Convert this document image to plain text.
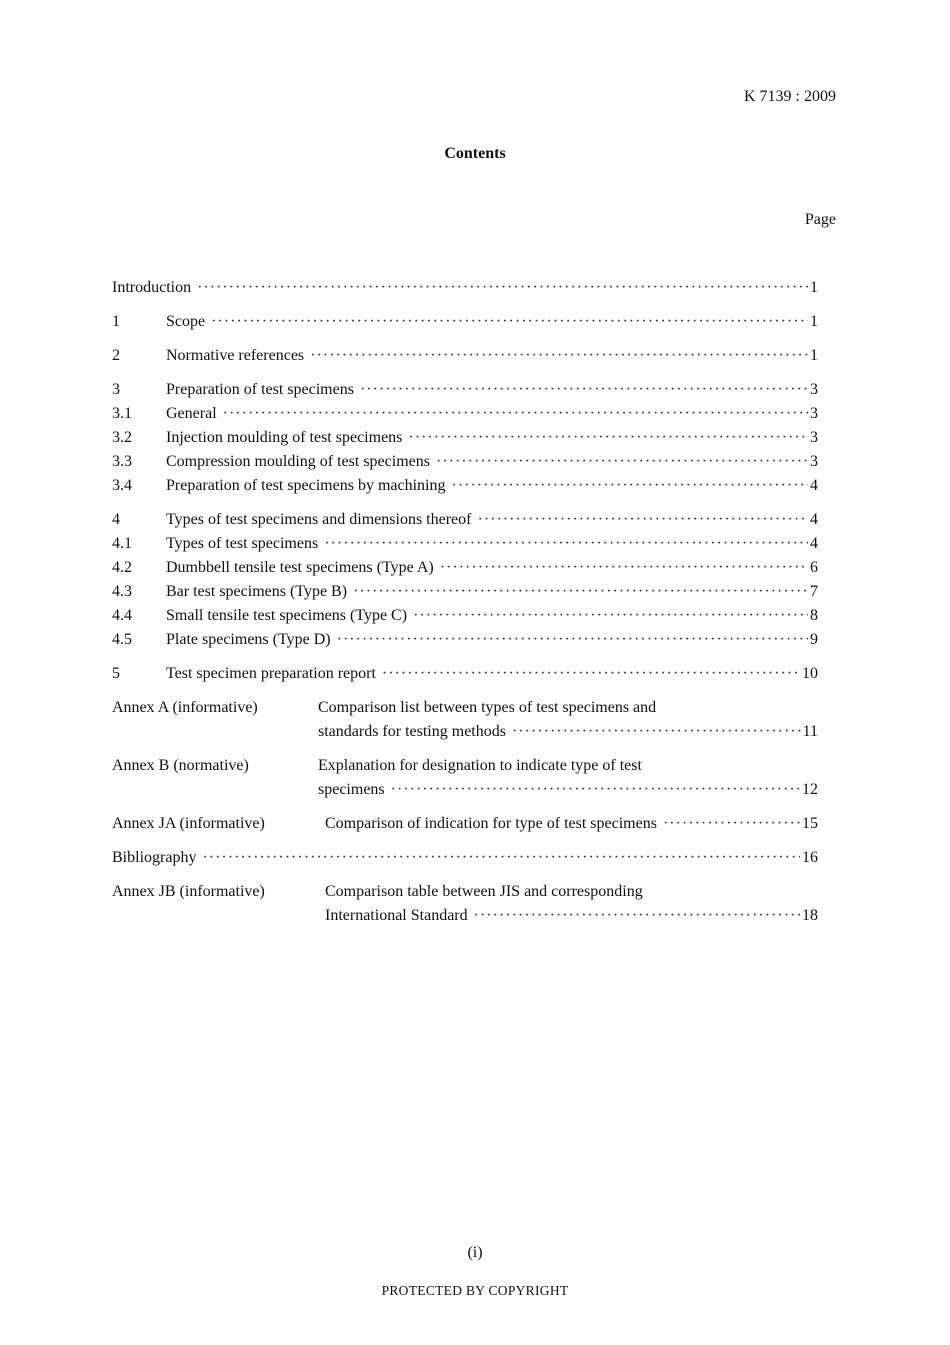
K 7139 : 2009
Contents
Page
Introduction ·····	1
1	Scope ·····	1
2	Normative references ·····	1
3	Preparation of test specimens ·····	3
3.1	General ·····	3
3.2	Injection moulding of test specimens ·····	3
3.3	Compression moulding of test specimens ·····	3
3.4	Preparation of test specimens by machining ·····	4
4	Types of test specimens and dimensions thereof ·····	4
4.1	Types of test specimens ·····	4
4.2	Dumbbell tensile test specimens (Type A) ·····	6
4.3	Bar test specimens (Type B) ·····	7
4.4	Small tensile test specimens (Type C) ·····	8
4.5	Plate specimens (Type D) ·····	9
5	Test specimen preparation report ·····	10
Annex A (informative)	Comparison list between types of test specimens and
standards for testing methods ·····	11
Annex B (normative)	Explanation for designation to indicate type of test
specimens ·····	12
Annex JA (informative)	Comparison of indication for type of test specimens ·····	15
Bibliography ·····	16
Annex JB (informative)	Comparison table between JIS and corresponding
International Standard ·····	18
(i)
PROTECTED BY COPYRIGHT
